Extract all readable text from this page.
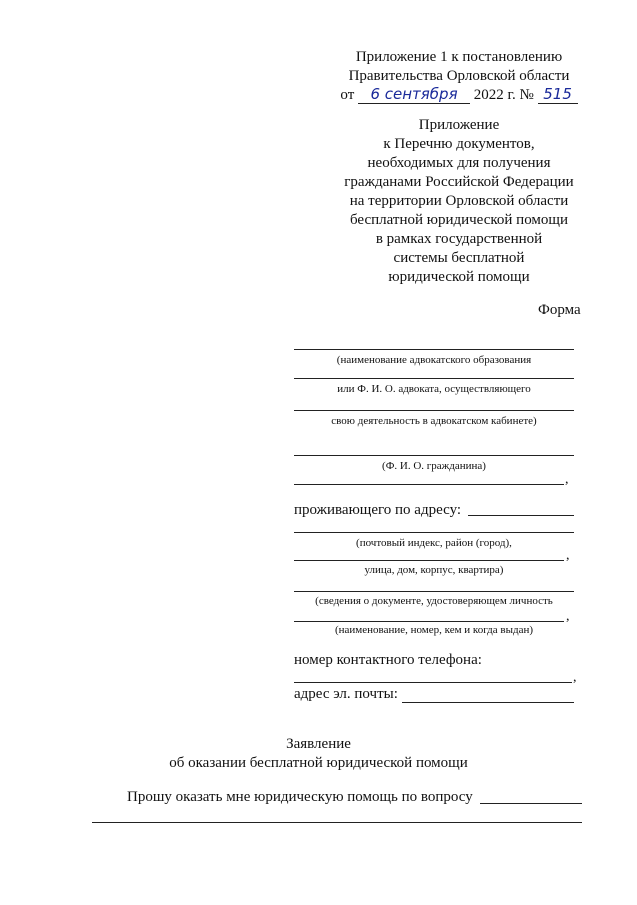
Приложение 1 к постановлению
Правительства Орловской области
от 6 сентября 2022 г. № 515
Приложение
к Перечню документов,
необходимых для получения
гражданами Российской Федерации
на территории Орловской области
бесплатной юридической помощи
в рамках государственной
системы бесплатной
юридической помощи
Форма
(наименование адвокатского образования
или Ф. И. О. адвоката, осуществляющего
свою деятельность в адвокатском кабинете)
(Ф. И. О. гражданина)
,
проживающего по адресу:
(почтовый индекс, район (город),
,
улица, дом, корпус, квартира)
(сведения о документе, удостоверяющем личность
,
(наименование, номер, кем и когда выдан)
номер контактного телефона:
,
адрес эл. почты:
Заявление
об оказании бесплатной юридической помощи
Прошу оказать мне юридическую помощь по вопросу
